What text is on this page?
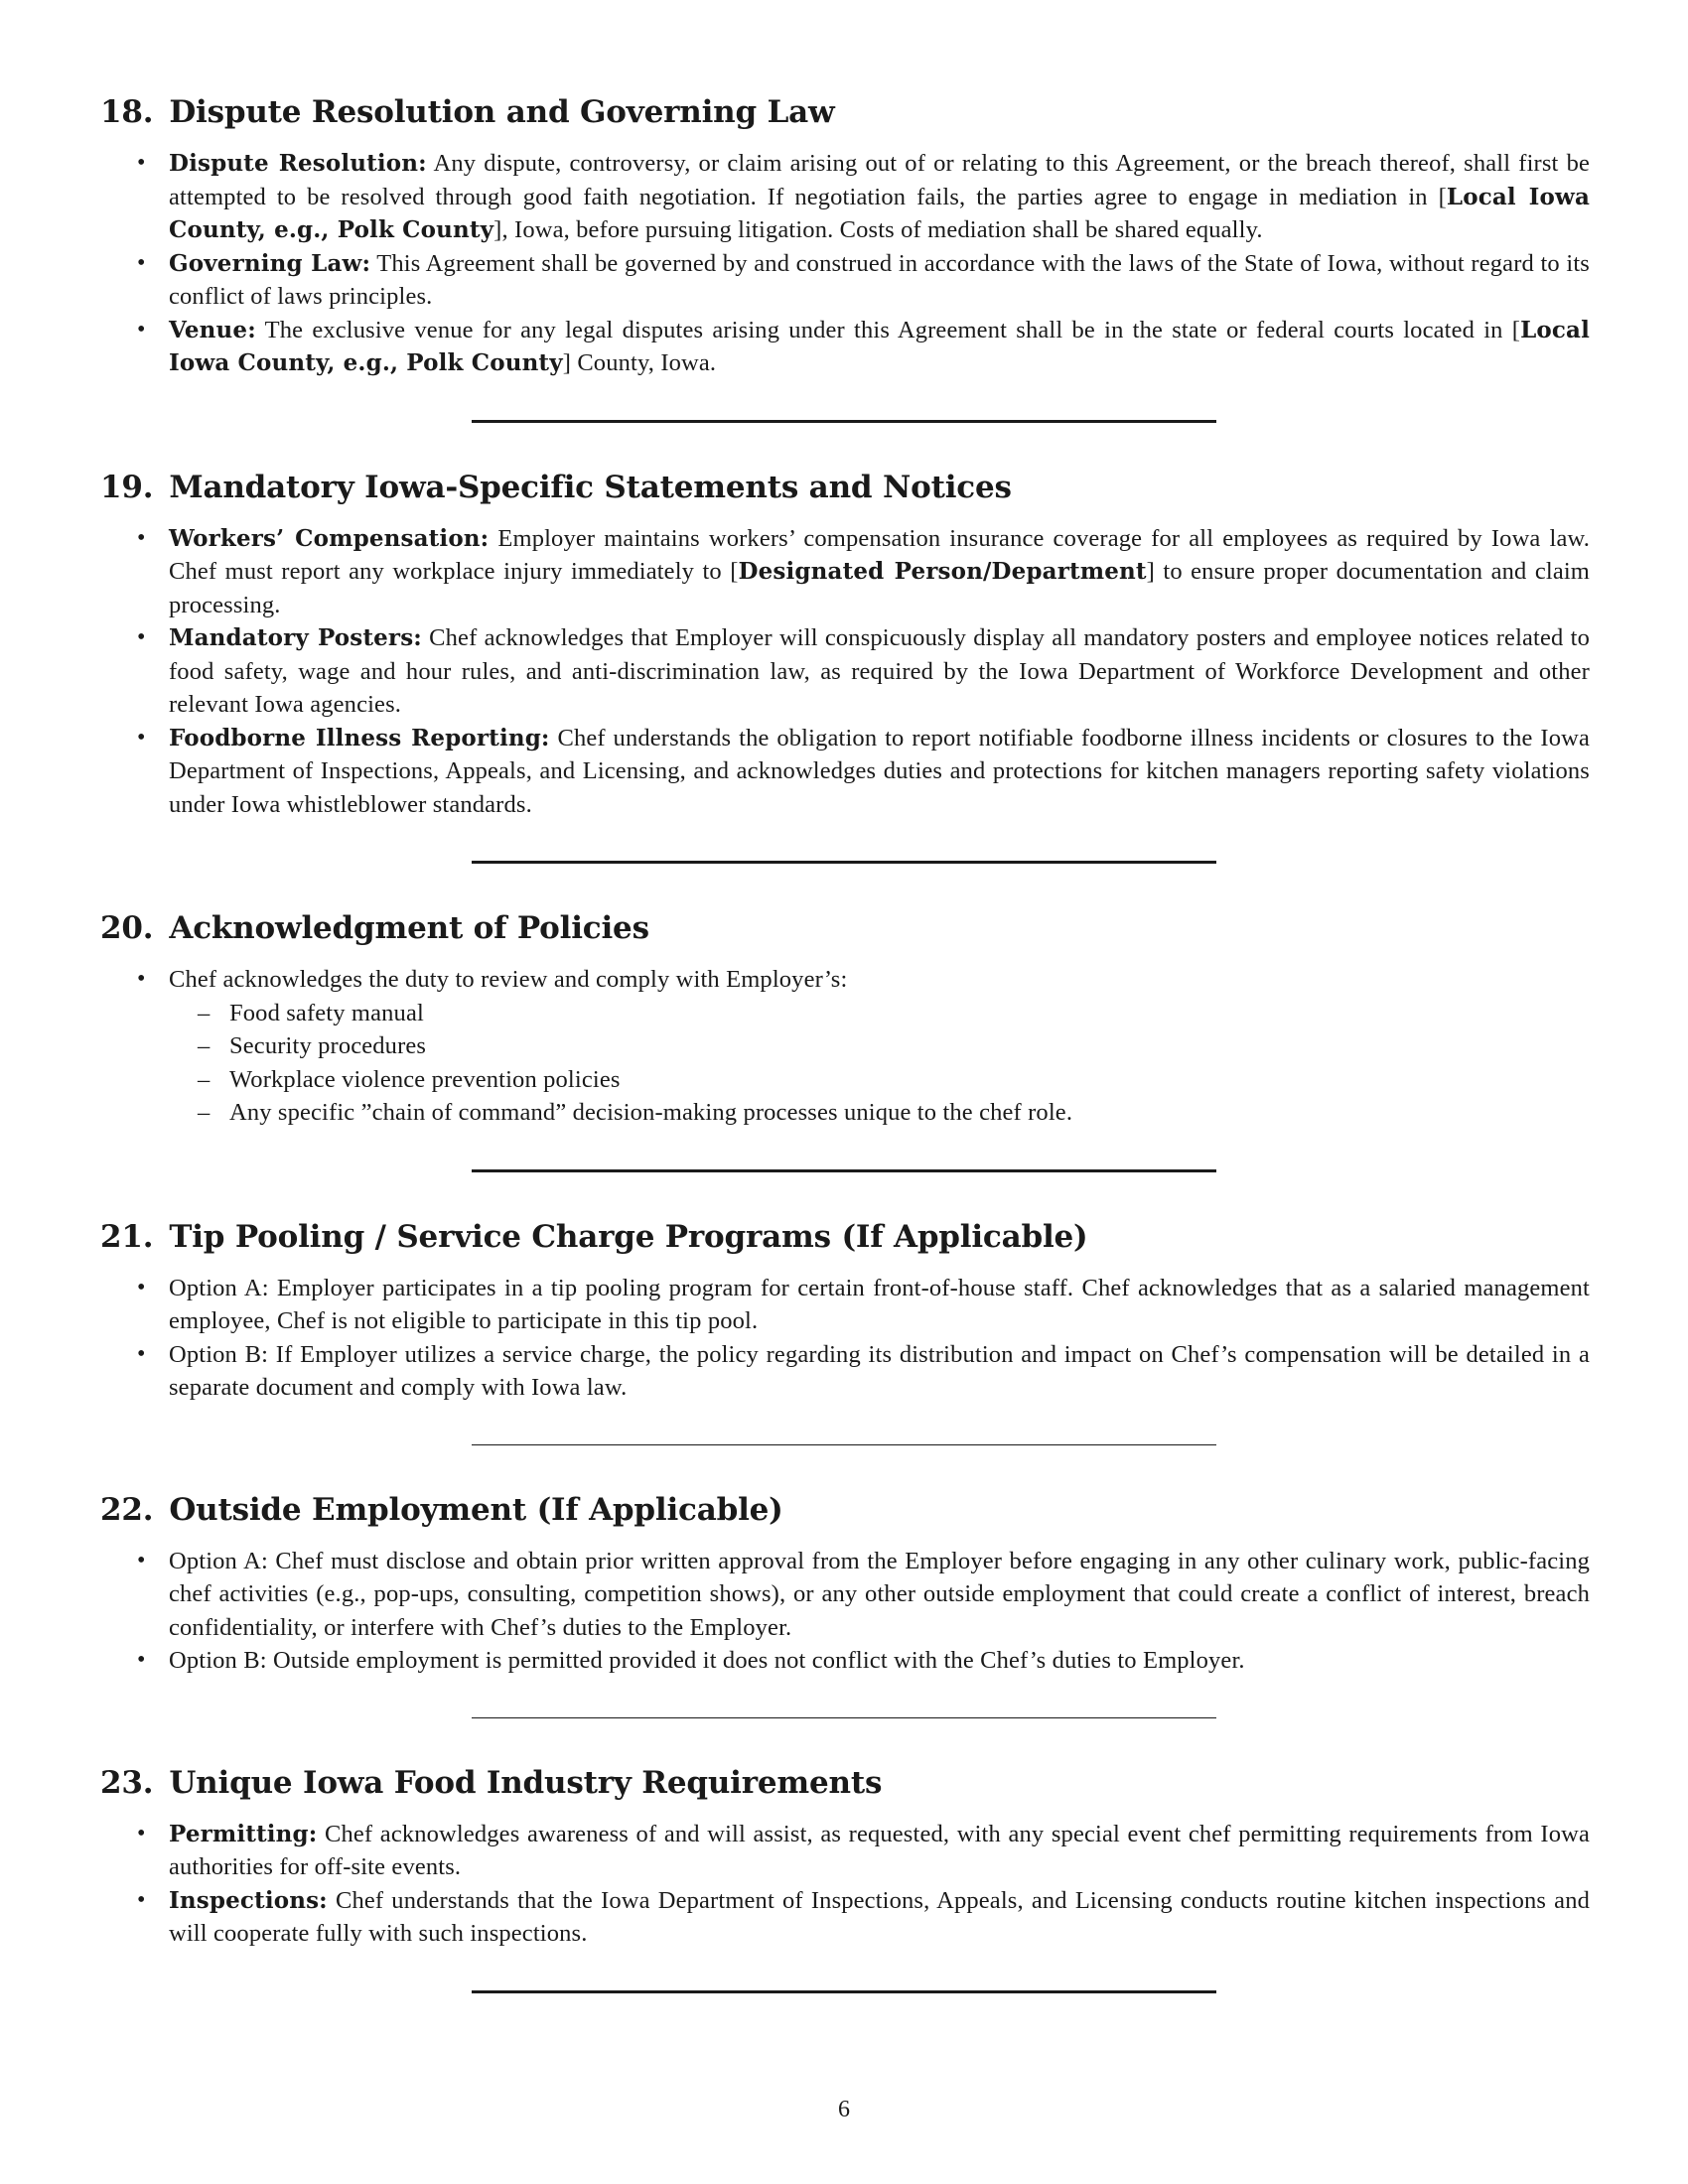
18. Dispute Resolution and Governing Law
• Dispute Resolution: Any dispute, controversy, or claim arising out of or relating to this Agreement, or the breach thereof, shall first be attempted to be resolved through good faith negotiation. If negotiation fails, the parties agree to engage in mediation in [Local Iowa County, e.g., Polk County], Iowa, before pursuing litigation. Costs of mediation shall be shared equally.
• Governing Law: This Agreement shall be governed by and construed in accordance with the laws of the State of Iowa, without regard to its conflict of laws principles.
• Venue: The exclusive venue for any legal disputes arising under this Agreement shall be in the state or federal courts located in [Local Iowa County, e.g., Polk County] County, Iowa.
19. Mandatory Iowa-Specific Statements and Notices
• Workers’ Compensation: Employer maintains workers’ compensation insurance coverage for all employees as required by Iowa law. Chef must report any workplace injury immediately to [Designated Person/Department] to ensure proper documentation and claim processing.
• Mandatory Posters: Chef acknowledges that Employer will conspicuously display all mandatory posters and employee notices related to food safety, wage and hour rules, and anti-discrimination law, as required by the Iowa Department of Workforce Development and other relevant Iowa agencies.
• Foodborne Illness Reporting: Chef understands the obligation to report notifiable foodborne illness incidents or closures to the Iowa Department of Inspections, Appeals, and Licensing, and acknowledges duties and protections for kitchen managers reporting safety violations under Iowa whistleblower standards.
20. Acknowledgment of Policies
• Chef acknowledges the duty to review and comply with Employer’s:
– Food safety manual
– Security procedures
– Workplace violence prevention policies
– Any specific ”chain of command” decision-making processes unique to the chef role.
21. Tip Pooling / Service Charge Programs (If Applicable)
• Option A: Employer participates in a tip pooling program for certain front-of-house staff. Chef acknowledges that as a salaried management employee, Chef is not eligible to participate in this tip pool.
• Option B: If Employer utilizes a service charge, the policy regarding its distribution and impact on Chef’s compensation will be detailed in a separate document and comply with Iowa law.
22. Outside Employment (If Applicable)
• Option A: Chef must disclose and obtain prior written approval from the Employer before engaging in any other culinary work, public-facing chef activities (e.g., pop-ups, consulting, competition shows), or any other outside employment that could create a conflict of interest, breach confidentiality, or interfere with Chef’s duties to the Employer.
• Option B: Outside employment is permitted provided it does not conflict with the Chef’s duties to Employer.
23. Unique Iowa Food Industry Requirements
• Permitting: Chef acknowledges awareness of and will assist, as requested, with any special event chef permitting requirements from Iowa authorities for off-site events.
• Inspections: Chef understands that the Iowa Department of Inspections, Appeals, and Licensing conducts routine kitchen inspections and will cooperate fully with such inspections.
6
